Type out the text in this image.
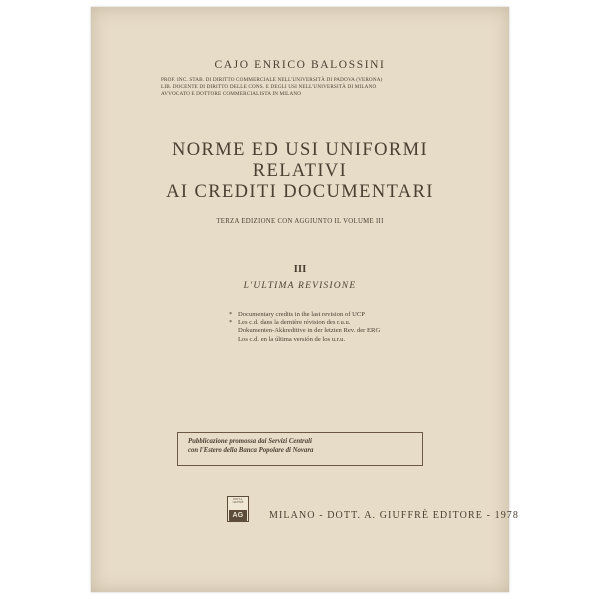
CAJO ENRICO BALOSSINI
PROF. INC. STAB. DI DIRITTO COMMERCIALE NELL'UNIVERSITÀ DI PADOVA (VERONA)
LIB. DOCENTE DI DIRITTO DELLE CONS. E DEGLI USI NELL'UNIVERSITÀ DI MILANO
AVVOCATO E DOTTORE COMMERCIALISTA IN MILANO
NORME ED USI UNIFORMI
RELATIVI
AI CREDITI DOCUMENTARI
TERZA EDIZIONE CON AGGIUNTO IL VOLUME III
III
L'ULTIMA REVISIONE
* Documentary credits in the last revision of UCP
* Les c.d. dans la dernière révision des r.u.u.
Dokumenten-Akkreditive in der letzten Rev. der ERG
Los c.d. en la última versión de los u.r.u.
Pubblicazione promossa dai Servizi Centrali
con l'Estero della Banca Popolare di Novara
DOTT.A.
GIUFFRÈ
AG	MILANO - DOTT. A. GIUFFRÈ EDITORE - 1978
